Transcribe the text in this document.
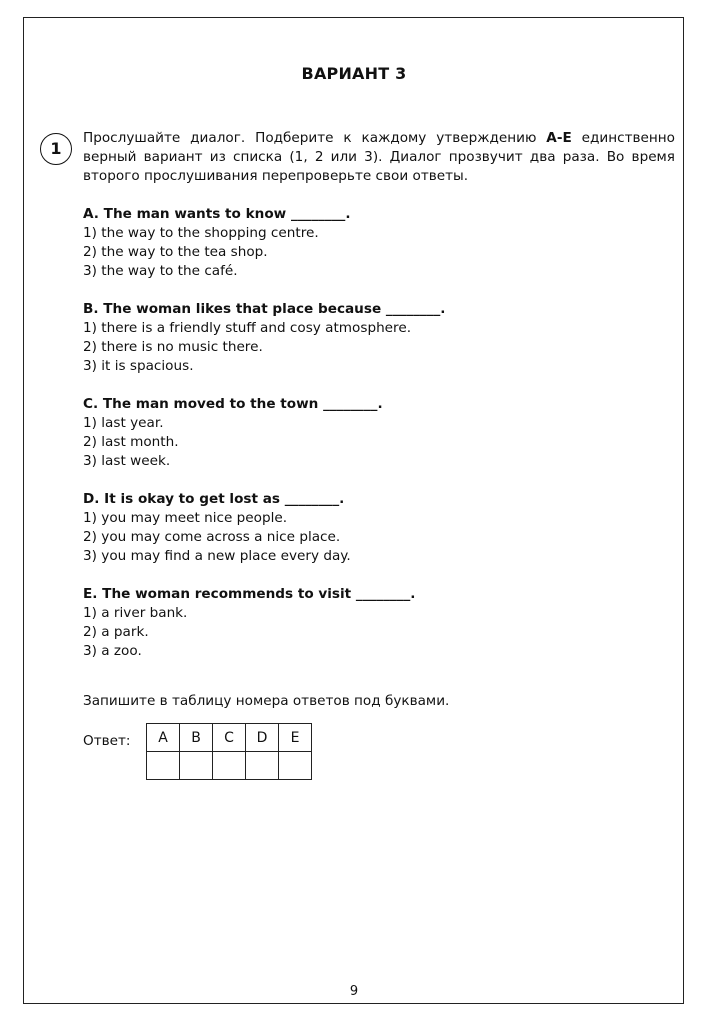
ВАРИАНТ 3
1

Прослушайте диалог. Подберите к каждому утверждению A-E единственно верный вариант из списка (1, 2 или 3). Диалог прозвучит два раза. Во время второго прослушивания перепроверьте свои ответы.

A. The man wants to know ________.
1) the way to the shopping centre.
2) the way to the tea shop.
3) the way to the café.
B. The woman likes that place because ________.
1) there is a friendly stuff and cosy atmosphere.
2) there is no music there.
3) it is spacious.
C. The man moved to the town ________.
1) last year.
2) last month.
3) last week.
D. It is okay to get lost as ________.
1) you may meet nice people.
2) you may come across a nice place.
3) you may find a new place every day.
E. The woman recommends to visit ________.
1) a river bank.
2) a park.
3) a zoo.
Запишите в таблицу номера ответов под буквами.
Ответ: A	B	C	D	E

9
